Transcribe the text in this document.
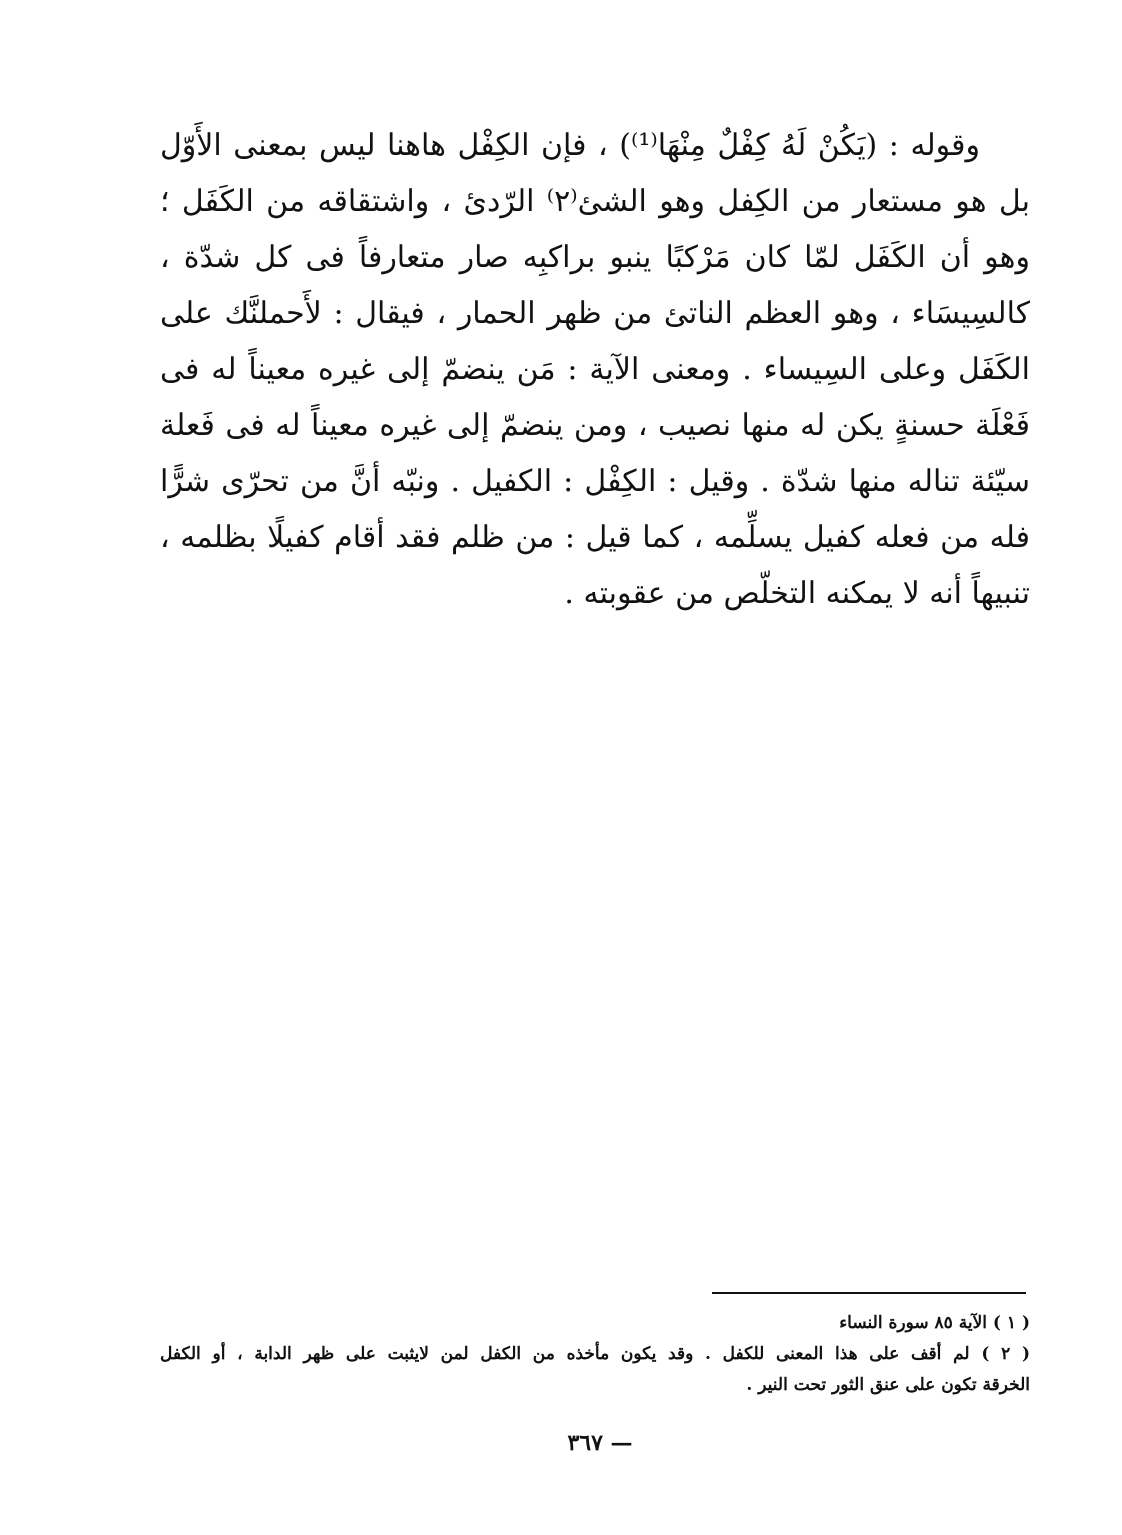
وقوله : (يَكُنْ لَهُ كِفْلٌ مِنْهَا⁽¹⁾) ، فإن الكِفْل هاهنا ليس بمعنى الأَوّل
بل هو مستعار من الكِفل وهو الشئ⁽٢⁾ الرّدئ ، واشتقاقه من الكَفَل ؛
وهو أن الكَفَل لمّا كان مَرْكبًا ينبو براكبِه صار متعارفاً فى كل شدّة ،
كالسِيسَاء ، وهو العظم الناتئ من ظهر الحمار ، فيقال : لأَحملنَّك على
الكَفَل وعلى السِيساء . ومعنى الآية : مَن ينضمّ إلى غيره معيناً له فى
فَعْلَة حسنةٍ يكن له منها نصيب ، ومن ينضمّ إلى غيره معيناً له فى فَعلة
سيّئة تناله منها شدّة . وقيل : الكِفْل : الكفيل . ونبّه أنَّ من تحرّى شرًّا
فله من فعله كفيل يسلِّمه ، كما قيل : من ظلم فقد أقام كفيلًا بظلمه ،
تنبيهاً أنه لا يمكنه التخلّص من عقوبته .
( ١ ) الآية ٨٥ سورة النساء
( ٢ ) لم أقف على هذا المعنى للكفل . وقد يكون مأخذه من الكفل لمن لايثبت على ظهر الدابة ، أو الكفل
الخرقة تكون على عنق الثور تحت النير .
— ٣٦٧
